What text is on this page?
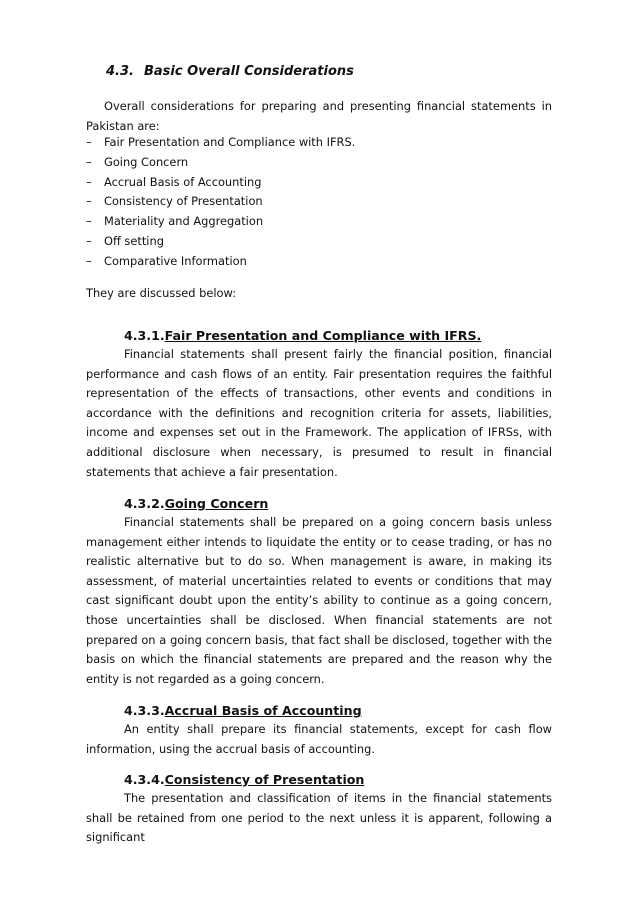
4.3. Basic Overall Considerations

Overall considerations for preparing and presenting financial statements in Pakistan are:

– Fair Presentation and Compliance with IFRS.
– Going Concern
– Accrual Basis of Accounting
– Consistency of Presentation
– Materiality and Aggregation
– Off setting
– Comparative Information

They are discussed below:

4.3.1.Fair Presentation and Compliance with IFRS.

Financial statements shall present fairly the financial position, financial performance and cash flows of an entity. Fair presentation requires the faithful representation of the effects of transactions, other events and conditions in accordance with the definitions and recognition criteria for assets, liabilities, income and expenses set out in the Framework. The application of IFRSs, with additional disclosure when necessary, is presumed to result in financial statements that achieve a fair presentation.

4.3.2.Going Concern

Financial statements shall be prepared on a going concern basis unless management either intends to liquidate the entity or to cease trading, or has no realistic alternative but to do so. When management is aware, in making its assessment, of material uncertainties related to events or conditions that may cast significant doubt upon the entity’s ability to continue as a going concern, those uncertainties shall be disclosed. When financial statements are not prepared on a going concern basis, that fact shall be disclosed, together with the basis on which the financial statements are prepared and the reason why the entity is not regarded as a going concern.

4.3.3.Accrual Basis of Accounting

An entity shall prepare its financial statements, except for cash flow information, using the accrual basis of accounting.

4.3.4.Consistency of Presentation

The presentation and classification of items in the financial statements shall be retained from one period to the next unless it is apparent, following a significant
